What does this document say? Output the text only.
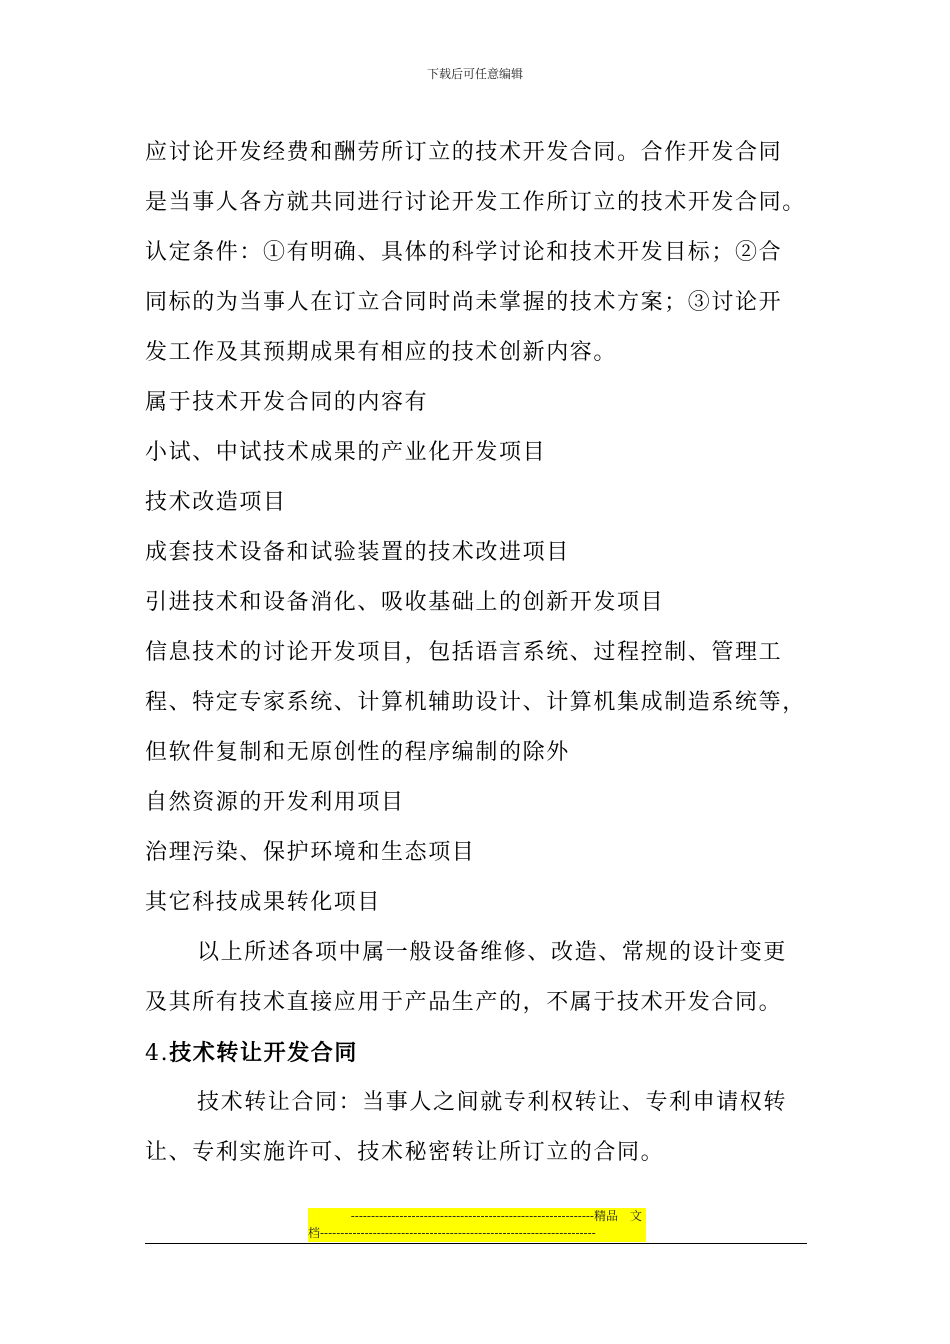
下载后可任意编辑
应讨论开发经费和酬劳所订立的技术开发合同。合作开发合同
是当事人各方就共同进行讨论开发工作所订立的技术开发合同。
认定条件：①有明确、具体的科学讨论和技术开发目标；②合
同标的为当事人在订立合同时尚未掌握的技术方案；③讨论开
发工作及其预期成果有相应的技术创新内容。
属于技术开发合同的内容有
小试、中试技术成果的产业化开发项目
技术改造项目
成套技术设备和试验装置的技术改进项目
引进技术和设备消化、吸收基础上的创新开发项目
信息技术的讨论开发项目，包括语言系统、过程控制、管理工
程、特定专家系统、计算机辅助设计、计算机集成制造系统等，
但软件复制和无原创性的程序编制的除外
自然资源的开发利用项目
治理污染、保护环境和生态项目
其它科技成果转化项目
以上所述各项中属一般设备维修、改造、常规的设计变更
及其所有技术直接应用于产品生产的，不属于技术开发合同。
4.技术转让开发合同
技术转让合同：当事人之间就专利权转让、专利申请权转
让、专利实施许可、技术秘密转让所订立的合同。
------------------------------------------------------------精品　文
档--------------------------------------------------------------------
